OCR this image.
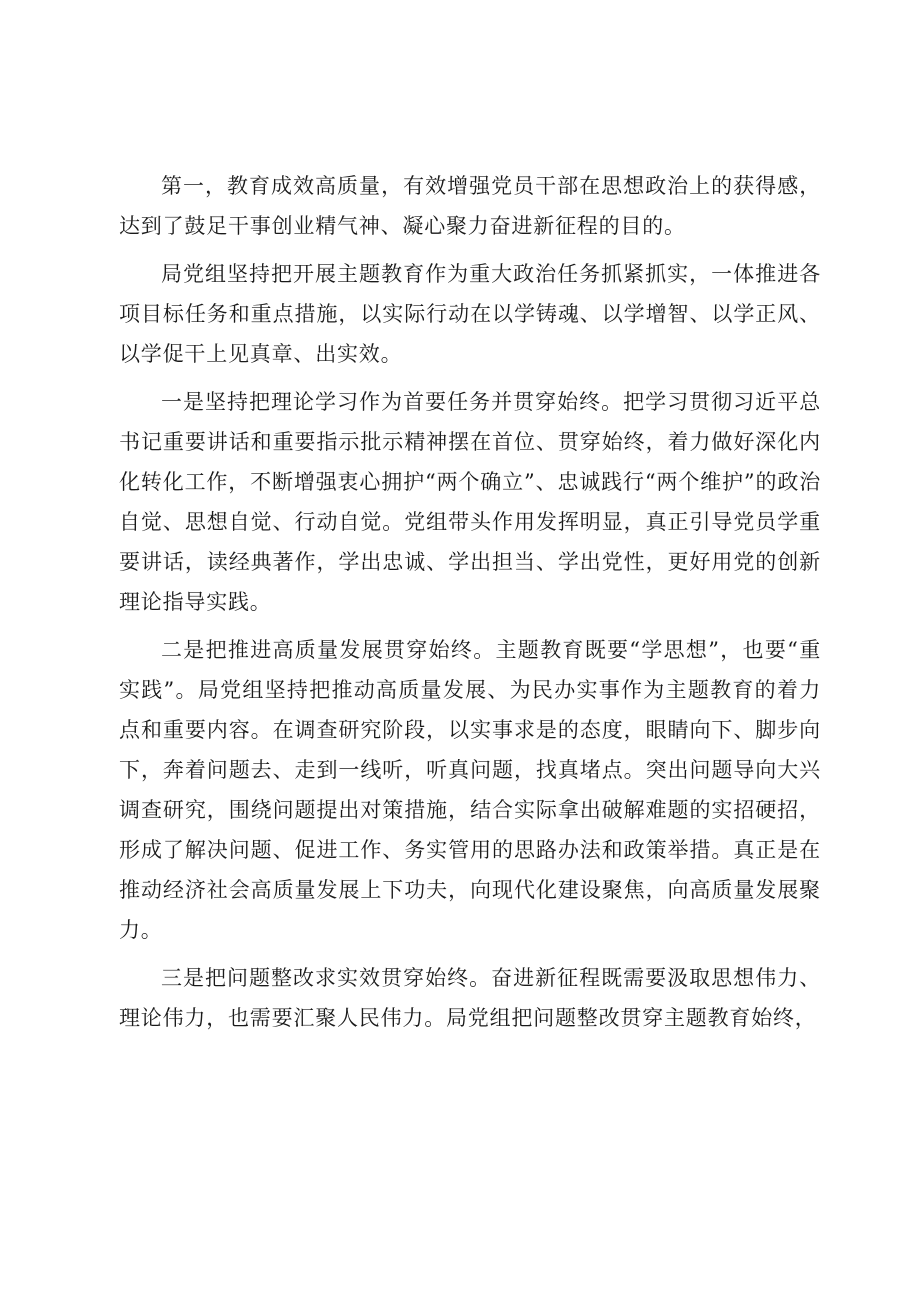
第一，教育成效高质量，有效增强党员干部在思想政治上的获得感，达到了鼓足干事创业精气神、凝心聚力奋进新征程的目的。

局党组坚持把开展主题教育作为重大政治任务抓紧抓实，一体推进各项目标任务和重点措施，以实际行动在以学铸魂、以学增智、以学正风、以学促干上见真章、出实效。

一是坚持把理论学习作为首要任务并贯穿始终。把学习贯彻习近平总书记重要讲话和重要指示批示精神摆在首位、贯穿始终，着力做好深化内化转化工作，不断增强衷心拥护“两个确立”、忠诚践行“两个维护”的政治自觉、思想自觉、行动自觉。党组带头作用发挥明显，真正引导党员学重要讲话，读经典著作，学出忠诚、学出担当、学出党性，更好用党的创新理论指导实践。

二是把推进高质量发展贯穿始终。主题教育既要“学思想”，也要“重实践”。局党组坚持把推动高质量发展、为民办实事作为主题教育的着力点和重要内容。在调查研究阶段，以实事求是的态度，眼睛向下、脚步向下，奔着问题去、走到一线听，听真问题，找真堵点。突出问题导向大兴调查研究，围绕问题提出对策措施，结合实际拿出破解难题的实招硬招，形成了解决问题、促进工作、务实管用的思路办法和政策举措。真正是在推动经济社会高质量发展上下功夫，向现代化建设聚焦，向高质量发展聚力。

三是把问题整改求实效贯穿始终。奋进新征程既需要汲取思想伟力、理论伟力，也需要汇聚人民伟力。局党组把问题整改贯穿主题教育始终，
